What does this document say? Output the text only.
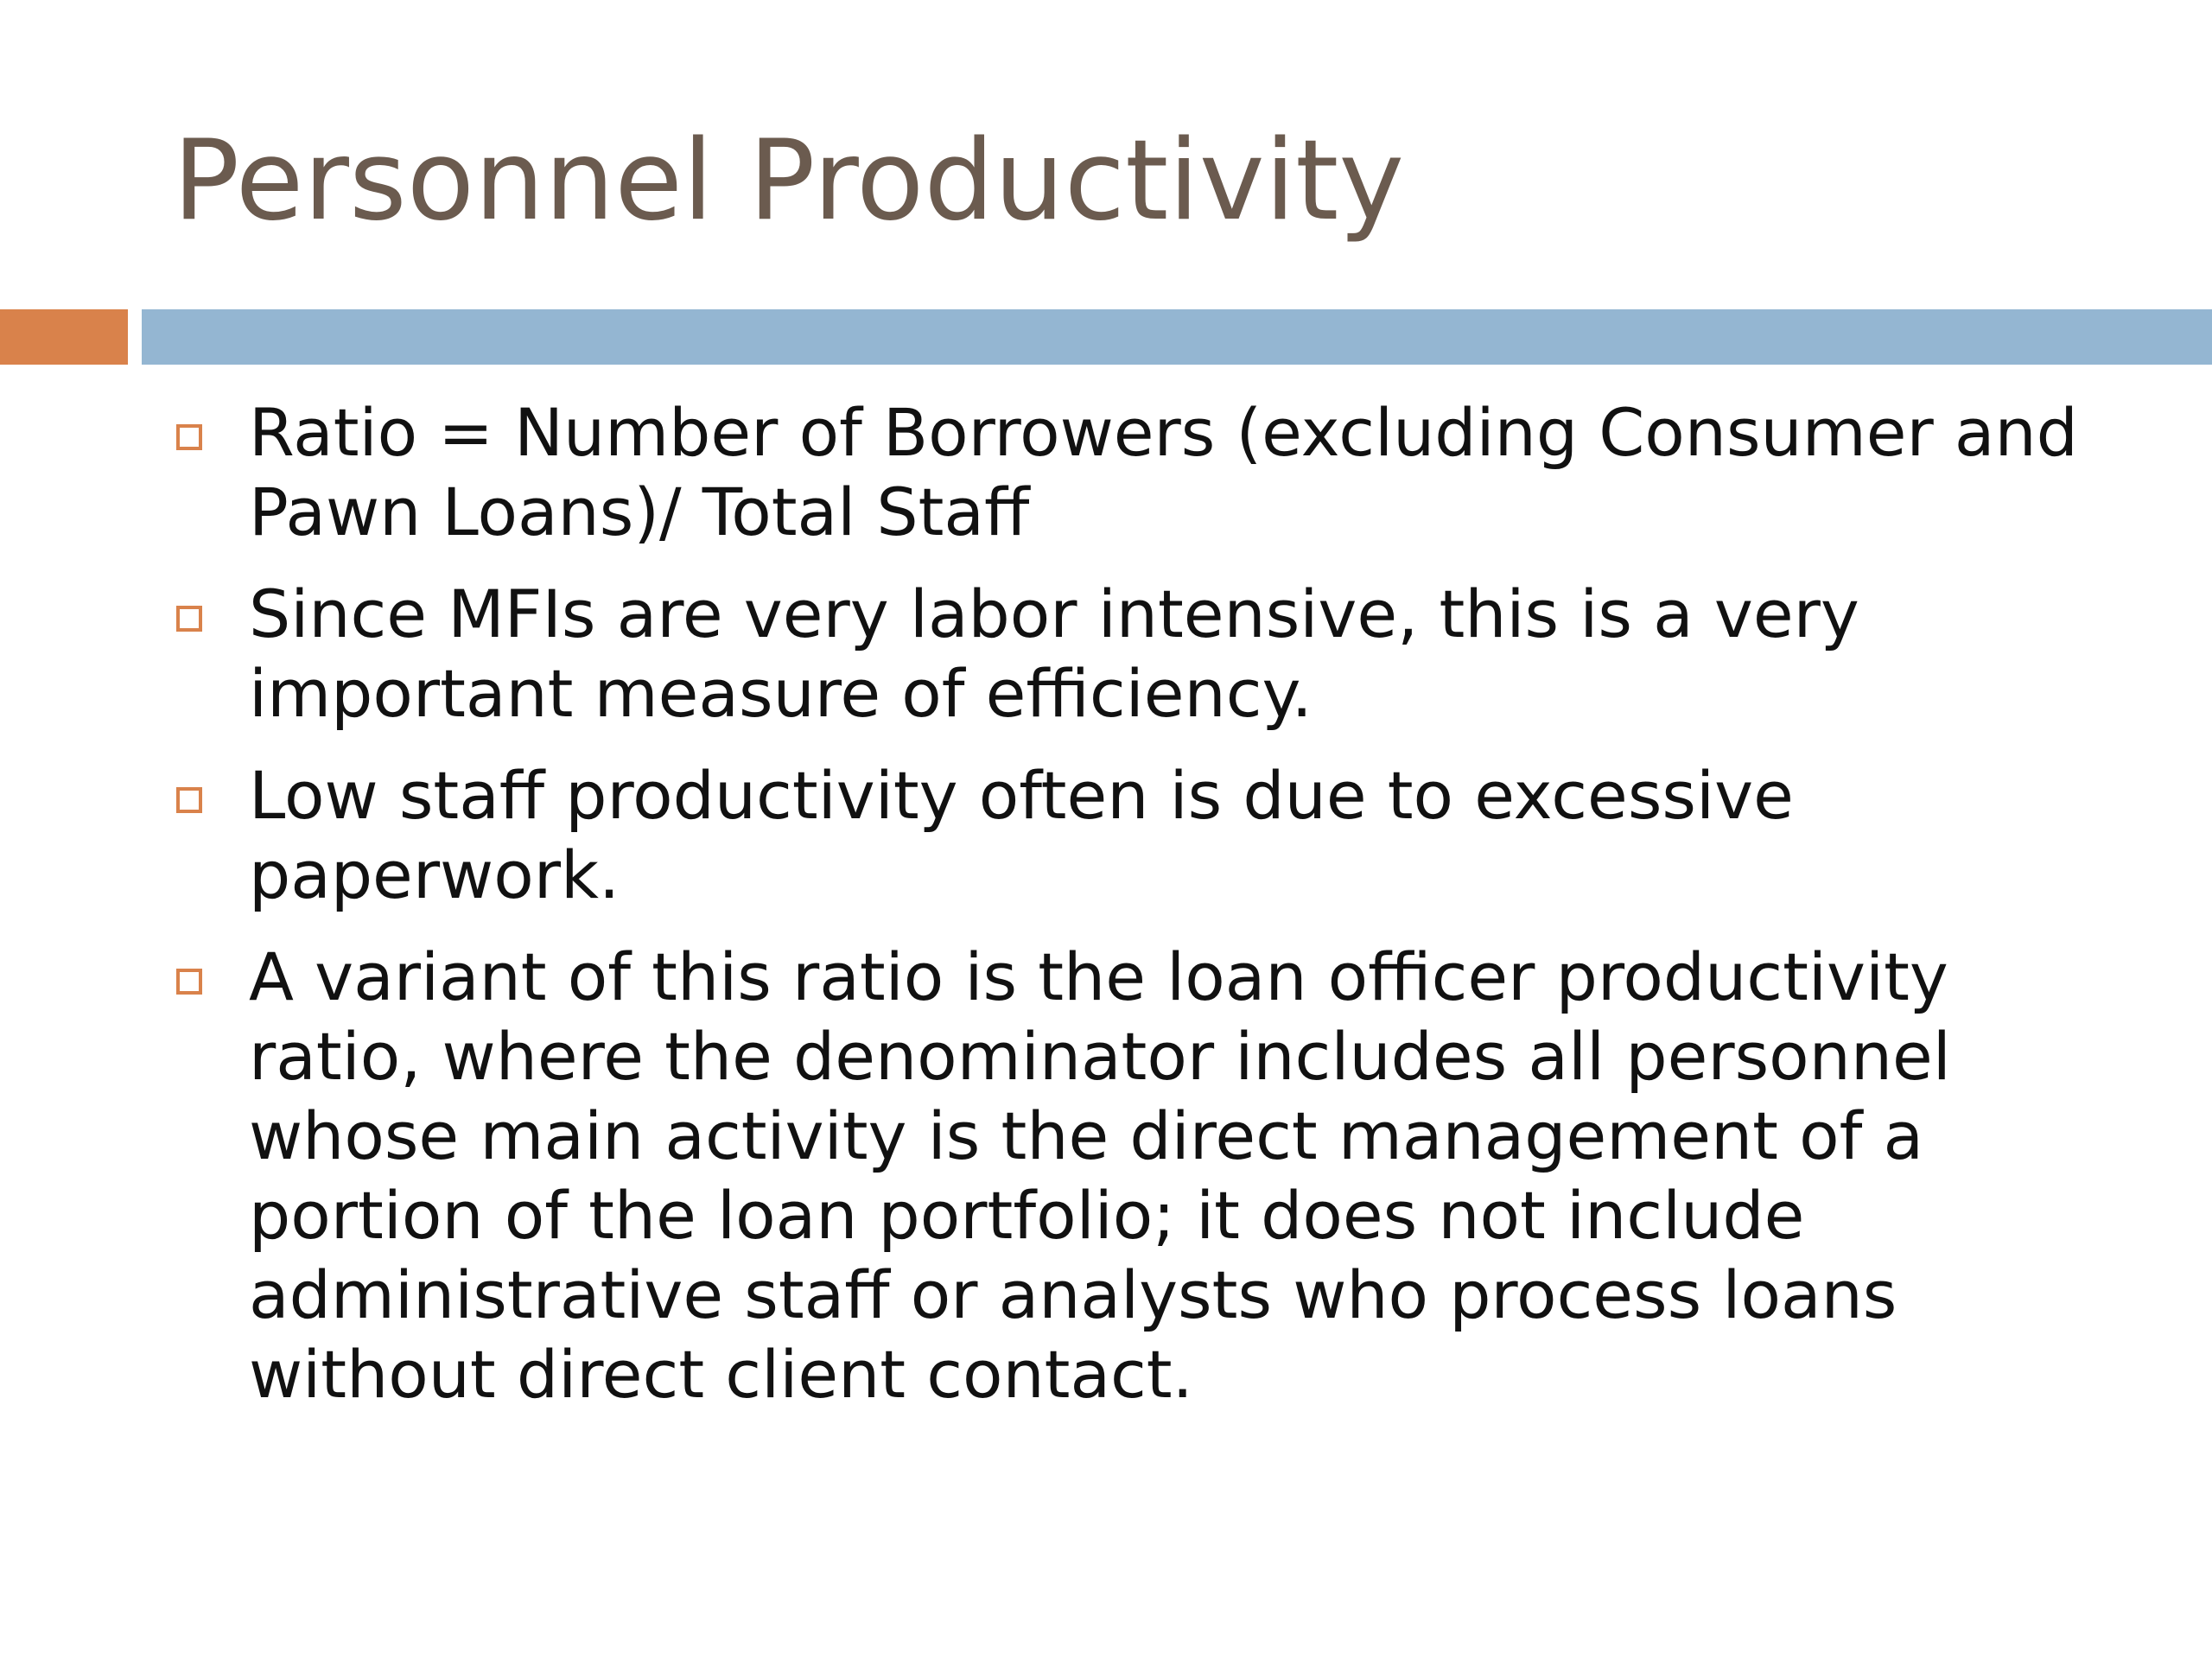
Personnel Productivity
Ratio = Number of Borrowers (excluding Consumer and Pawn Loans)/ Total Staff
Since MFIs are very labor intensive, this is a very important measure of efficiency.
Low staff productivity often is due to excessive paperwork.
A variant of this ratio is the loan officer productivity ratio, where the denominator includes all personnel whose main activity is the direct management of a portion of the loan portfolio; it does not include administrative staff or analysts who process loans without direct client contact.
